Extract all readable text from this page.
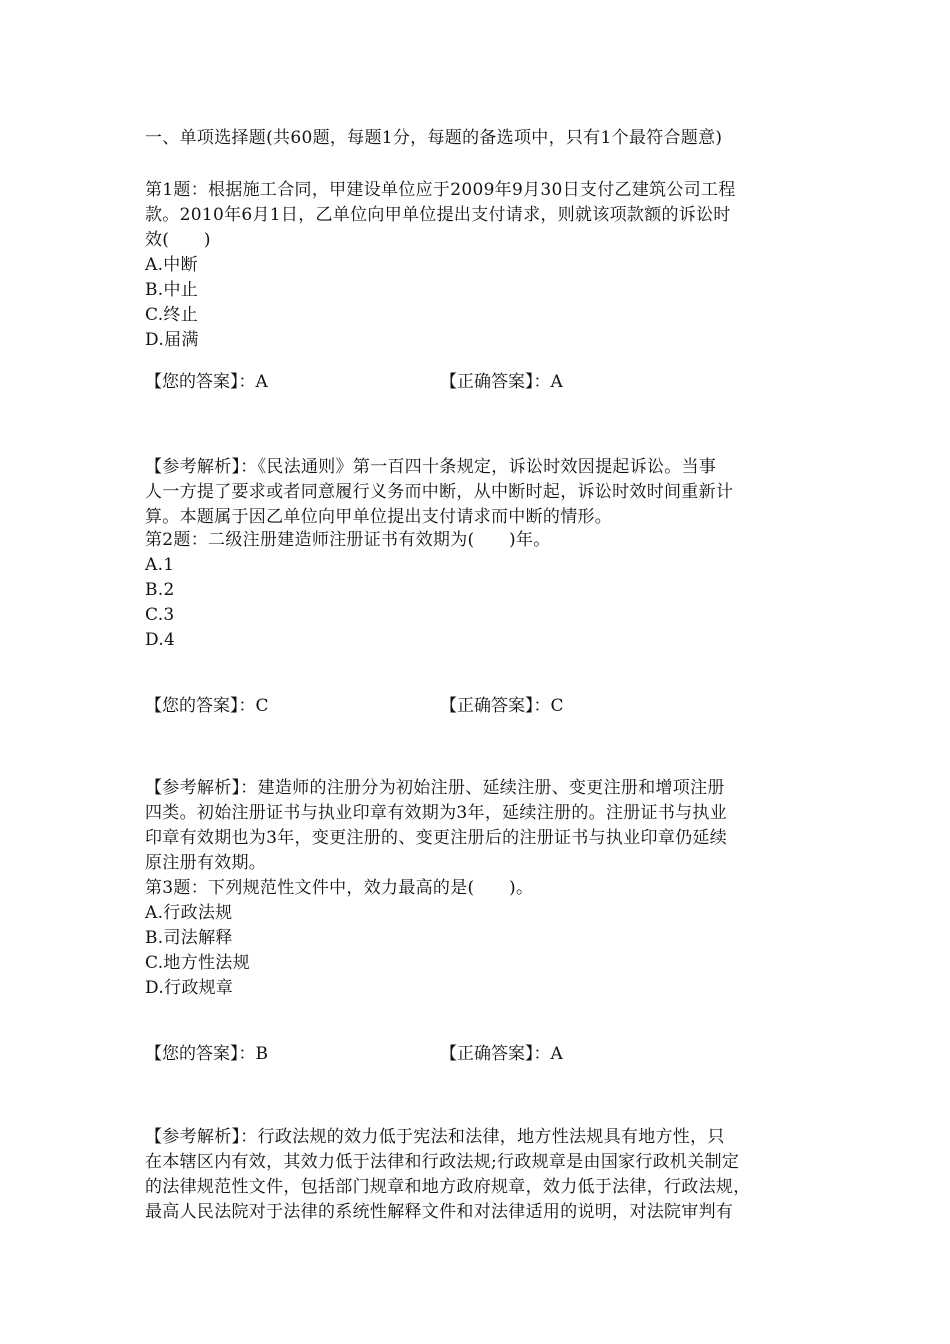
一、单项选择题(共60题，每题1分，每题的备选项中，只有1个最符合题意)
第1题：根据施工合同，甲建设单位应于2009年9月30日支付乙建筑公司工程
款。2010年6月1日，乙单位向甲单位提出支付请求，则就该项款额的诉讼时
效(　　)
A.中断
B.中止
C.终止
D.届满
【您的答案】：A	【正确答案】：A
【参考解析】：《民法通则》第一百四十条规定，诉讼时效因提起诉讼。当事
人一方提了要求或者同意履行义务而中断，从中断时起，诉讼时效时间重新计
算。本题属于因乙单位向甲单位提出支付请求而中断的情形。
第2题：二级注册建造师注册证书有效期为(　　)年。
A.1
B.2
C.3
D.4
【您的答案】：C	【正确答案】：C
【参考解析】：建造师的注册分为初始注册、延续注册、变更注册和增项注册
四类。初始注册证书与执业印章有效期为3年，延续注册的。注册证书与执业
印章有效期也为3年，变更注册的、变更注册后的注册证书与执业印章仍延续
原注册有效期。
第3题：下列规范性文件中，效力最高的是(　　)。
A.行政法规
B.司法解释
C.地方性法规
D.行政规章
【您的答案】：B	【正确答案】：A
【参考解析】：行政法规的效力低于宪法和法律，地方性法规具有地方性，只
在本辖区内有效，其效力低于法律和行政法规;行政规章是由国家行政机关制定
的法律规范性文件，包括部门规章和地方政府规章，效力低于法律，行政法规，
最高人民法院对于法律的系统性解释文件和对法律适用的说明，对法院审判有
